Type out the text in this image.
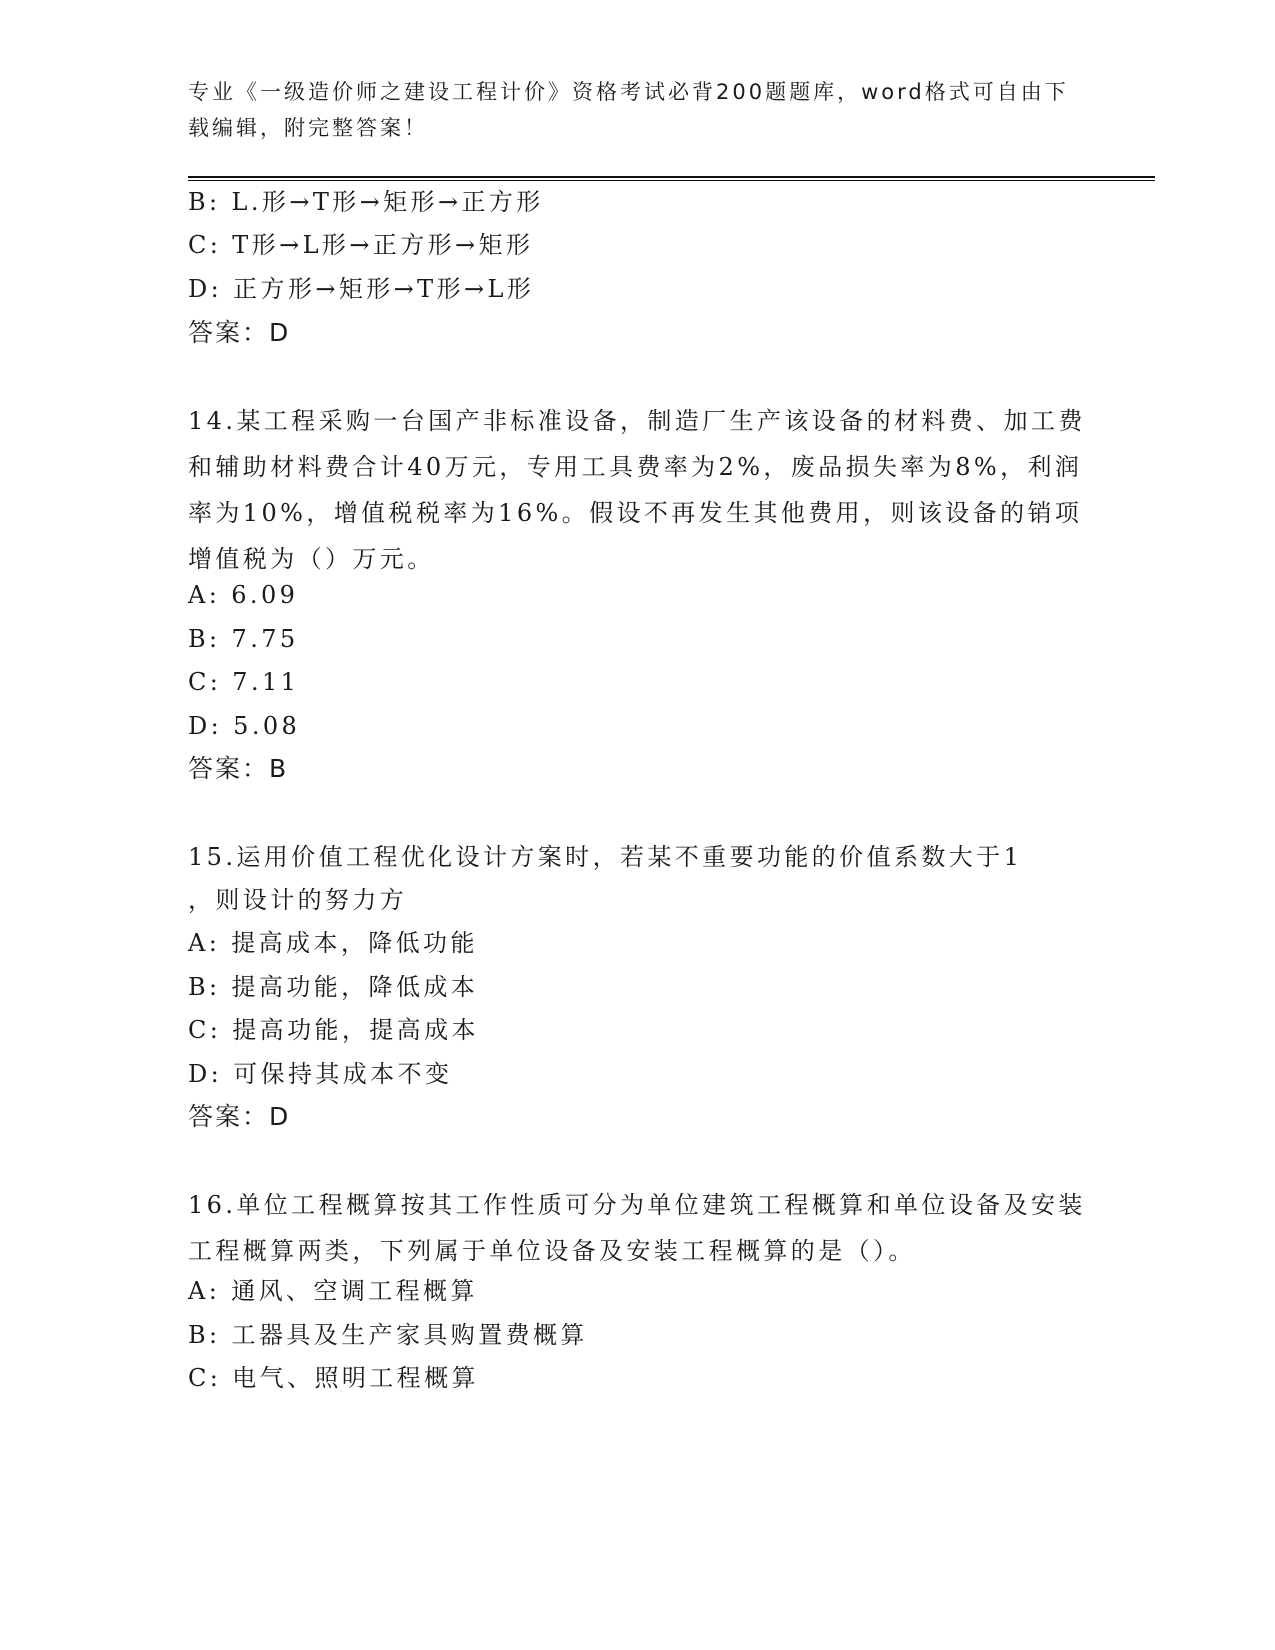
专业《一级造价师之建设工程计价》资格考试必背200题题库，word格式可自由下载编辑，附完整答案！
B: L.形→T形→矩形→正方形
C: T形→L形→正方形→矩形
D: 正方形→矩形→T形→L形
答案：D
14.某工程采购一台国产非标准设备，制造厂生产该设备的材料费、加工费和辅助材料费合计40万元，专用工具费率为2%，废品损失率为8%，利润率为10%，增值税税率为16%。假设不再发生其他费用，则该设备的销项增值税为（）万元。
A: 6.09
B: 7.75
C: 7.11
D: 5.08
答案：B
15.运用价值工程优化设计方案时，若某不重要功能的价值系数大于1
，则设计的努力方
A: 提高成本，降低功能
B: 提高功能，降低成本
C: 提高功能，提高成本
D: 可保持其成本不变
答案：D
16.单位工程概算按其工作性质可分为单位建筑工程概算和单位设备及安装工程概算两类，下列属于单位设备及安装工程概算的是（）。
A: 通风、空调工程概算
B: 工器具及生产家具购置费概算
C: 电气、照明工程概算
